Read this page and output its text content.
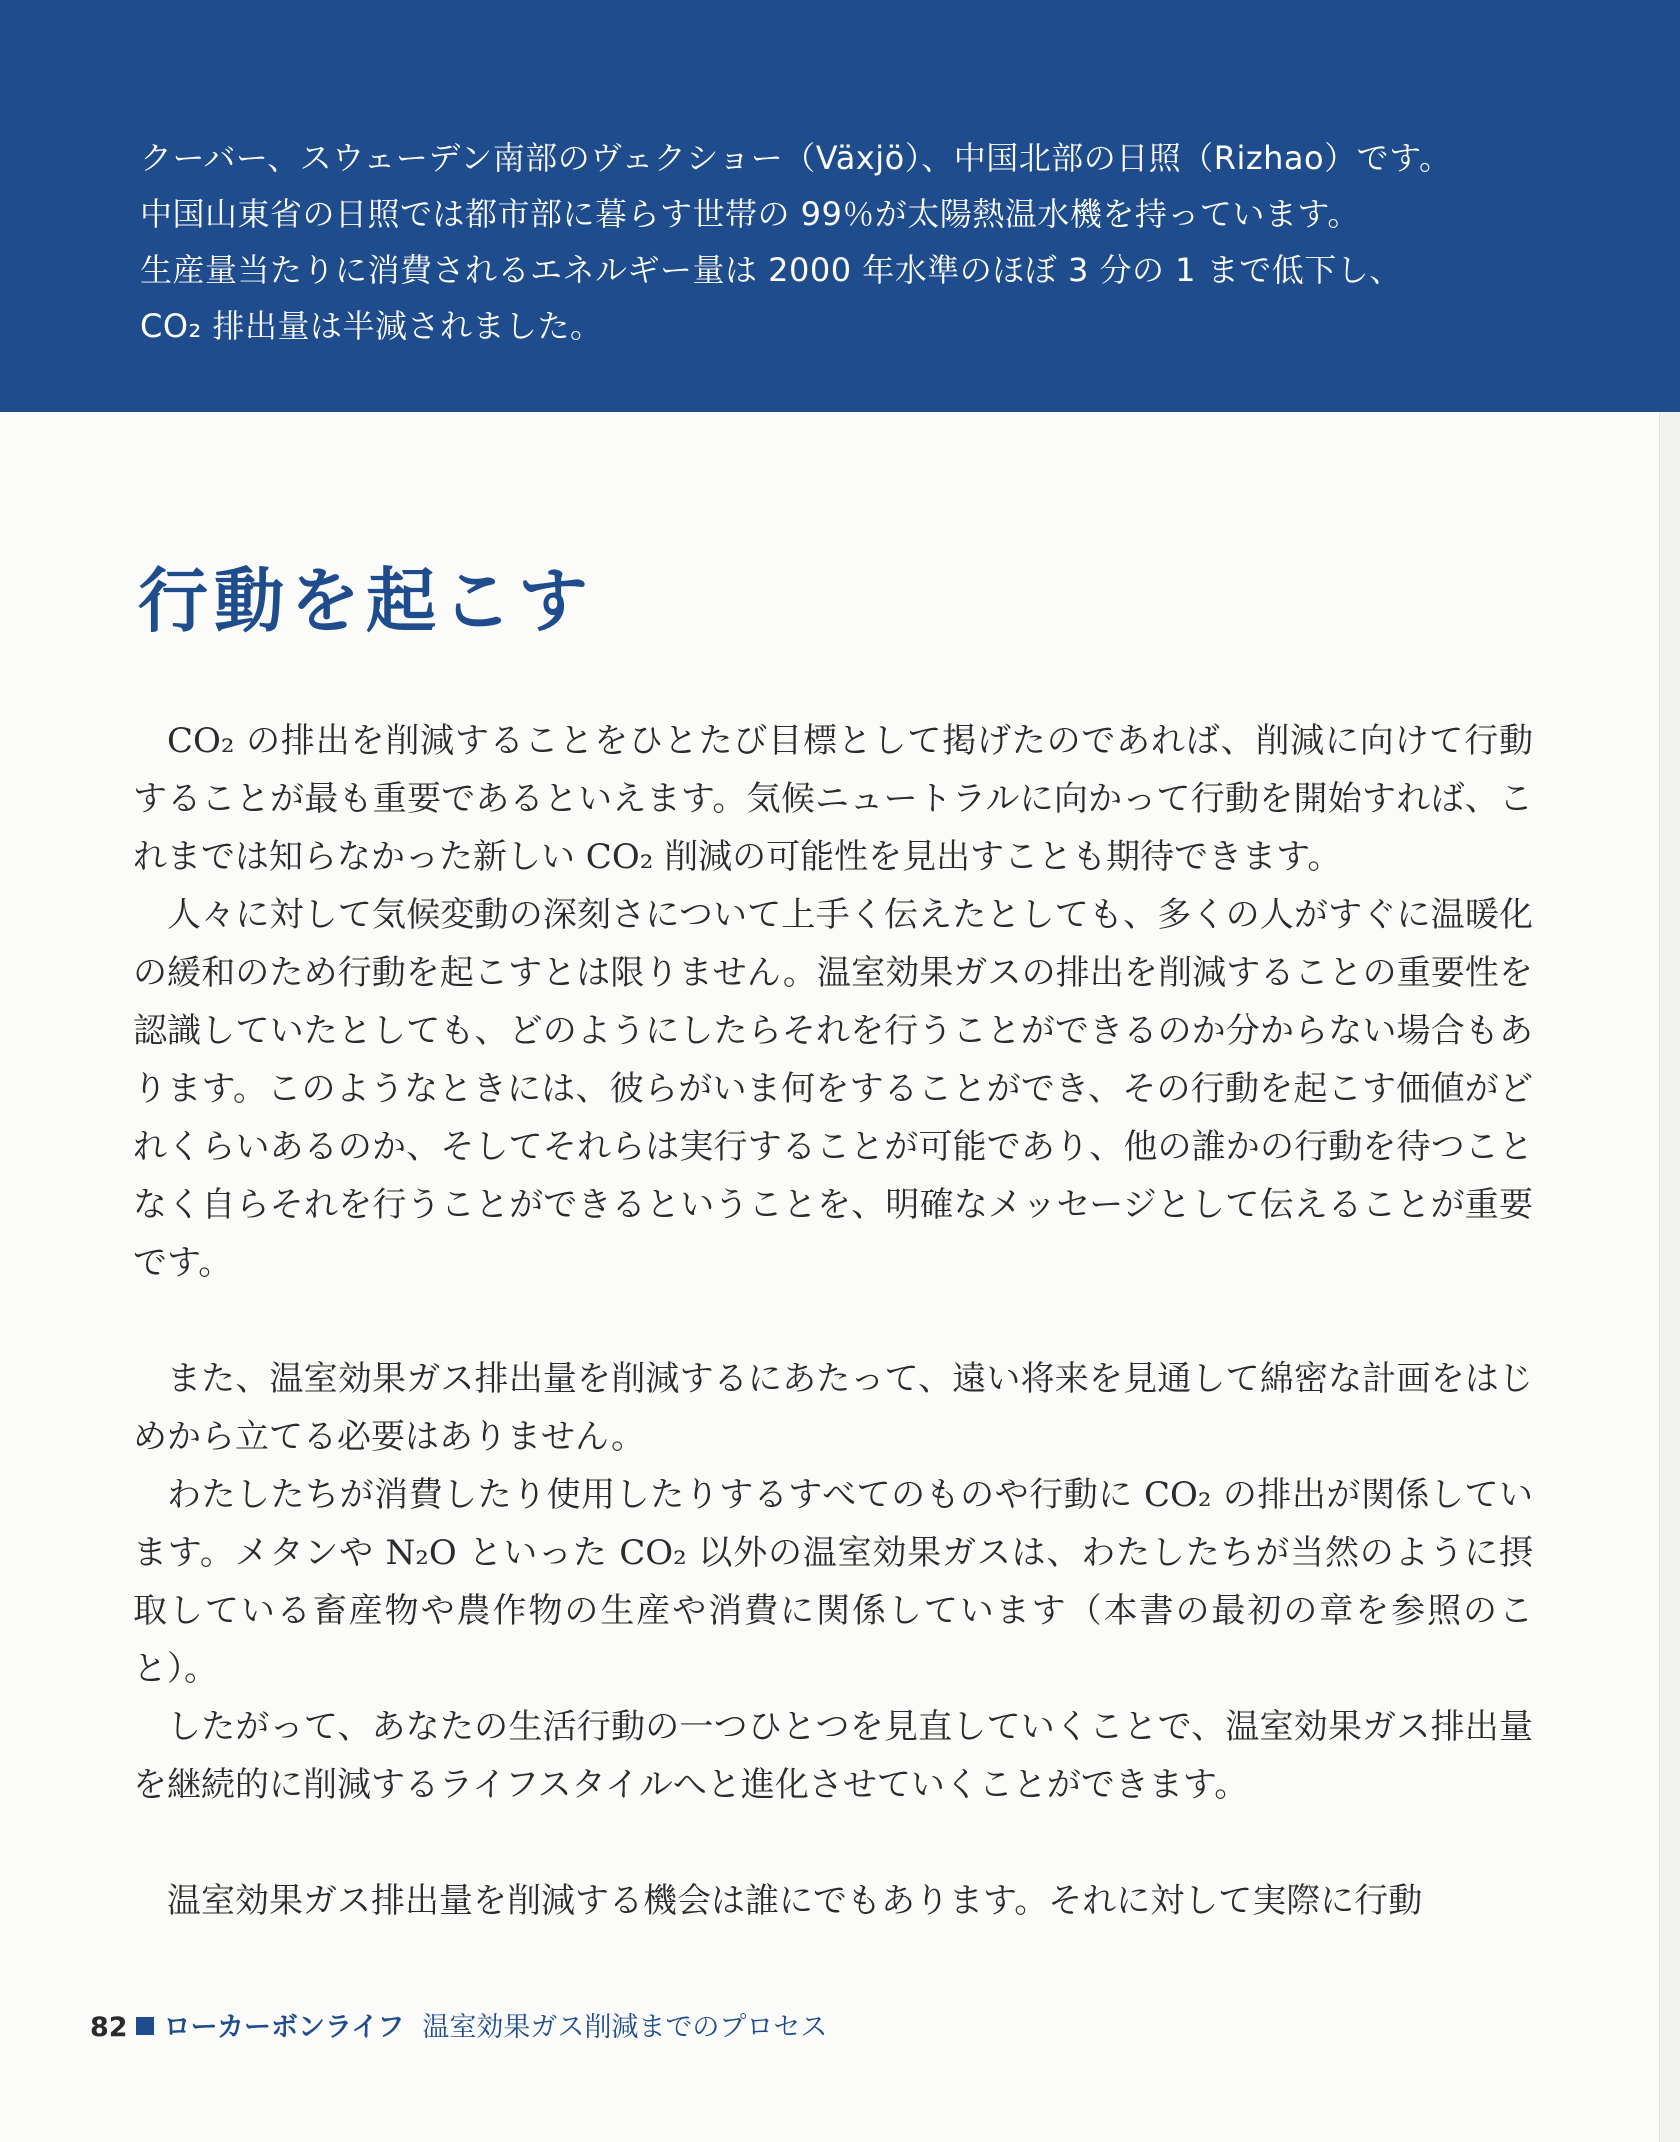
クーバー、スウェーデン南部のヴェクショー（Växjö）、中国北部の日照（Rizhao）です。
中国山東省の日照では都市部に暮らす世帯の 99％が太陽熱温水機を持っています。
生産量当たりに消費されるエネルギー量は 2000 年水準のほぼ 3 分の 1 まで低下し、
CO₂ 排出量は半減されました。
行動を起こす

CO₂ の排出を削減することをひとたび目標として掲げたのであれば、削減に向けて行動することが最も重要であるといえます。気候ニュートラルに向かって行動を開始すれば、これまでは知らなかった新しい CO₂ 削減の可能性を見出すことも期待できます。

人々に対して気候変動の深刻さについて上手く伝えたとしても、多くの人がすぐに温暖化の緩和のため行動を起こすとは限りません。温室効果ガスの排出を削減することの重要性を認識していたとしても、どのようにしたらそれを行うことができるのか分からない場合もあります。このようなときには、彼らがいま何をすることができ、その行動を起こす価値がどれくらいあるのか、そしてそれらは実行することが可能であり、他の誰かの行動を待つことなく自らそれを行うことができるということを、明確なメッセージとして伝えることが重要です。

また、温室効果ガス排出量を削減するにあたって、遠い将来を見通して綿密な計画をはじめから立てる必要はありません。

わたしたちが消費したり使用したりするすべてのものや行動に CO₂ の排出が関係しています。メタンや N₂O といった CO₂ 以外の温室効果ガスは、わたしたちが当然のように摂取している畜産物や農作物の生産や消費に関係しています（本書の最初の章を参照のこと）。

したがって、あなたの生活行動の一つひとつを見直していくことで、温室効果ガス排出量を継続的に削減するライフスタイルへと進化させていくことができます。

温室効果ガス排出量を削減する機会は誰にでもあります。それに対して実際に行動

82 ローカーボンライフ 温室効果ガス削減までのプロセス
